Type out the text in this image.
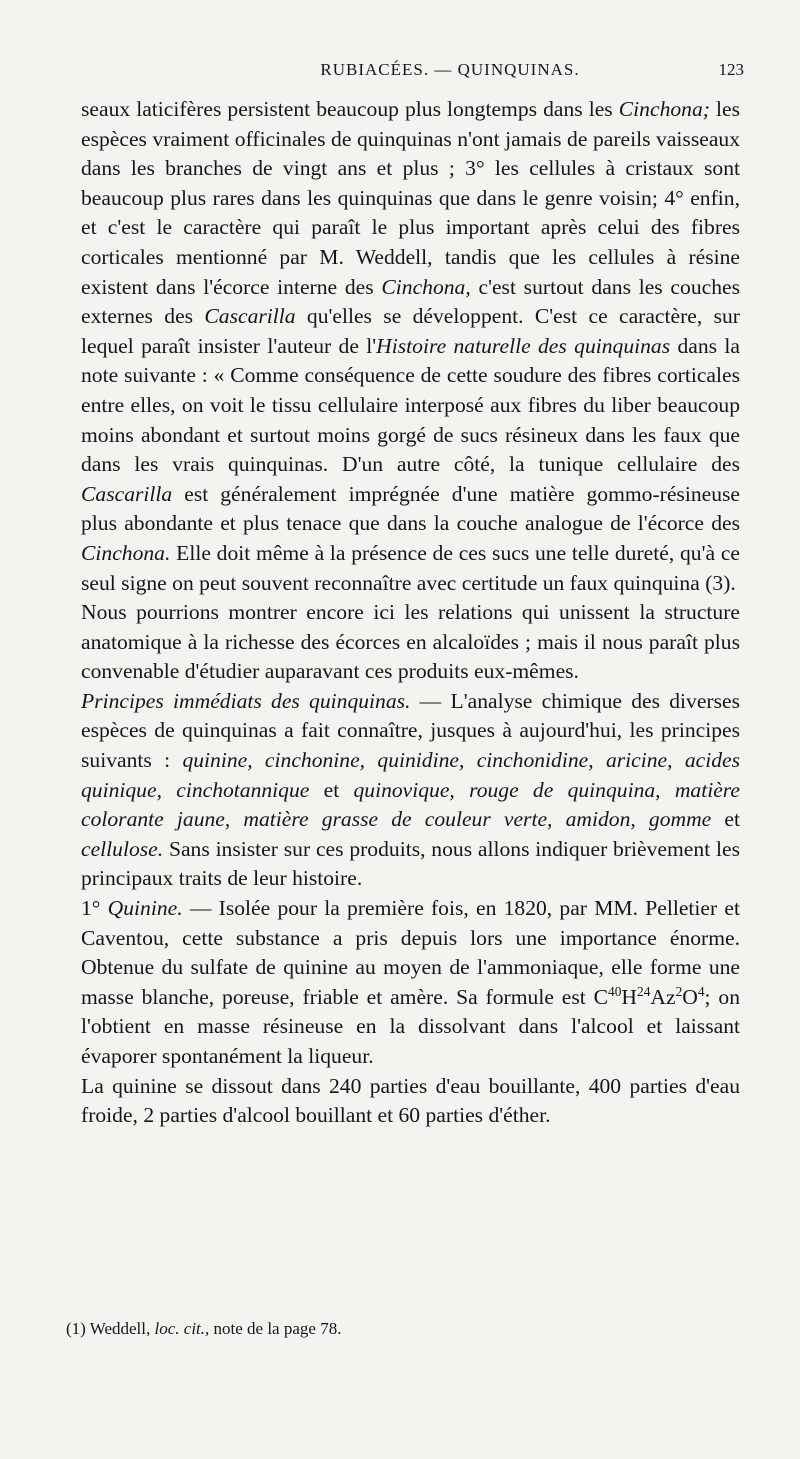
RUBIACÉES. — QUINQUINAS.	123

seaux laticifères persistent beaucoup plus longtemps dans les Cinchona; les espèces vraiment officinales de quinquinas n'ont jamais de pareils vaisseaux dans les branches de vingt ans et plus ; 3° les cellules à cristaux sont beaucoup plus rares dans les quinquinas que dans le genre voisin; 4° enfin, et c'est le caractère qui paraît le plus important après celui des fibres corticales mentionné par M. Weddell, tandis que les cellules à résine existent dans l'écorce interne des Cinchona, c'est surtout dans les couches externes des Cascarilla qu'elles se développent. C'est ce caractère, sur lequel paraît insister l'auteur de l'Histoire naturelle des quinquinas dans la note suivante : « Comme conséquence de cette soudure des fibres corticales entre elles, on voit le tissu cellulaire interposé aux fibres du liber beaucoup moins abondant et surtout moins gorgé de sucs résineux dans les faux que dans les vrais quinquinas. D'un autre côté, la tunique cellulaire des Cascarilla est généralement imprégnée d'une matière gommo-résineuse plus abondante et plus tenace que dans la couche analogue de l'écorce des Cinchona. Elle doit même à la présence de ces sucs une telle dureté, qu'à ce seul signe on peut souvent reconnaître avec certitude un faux quinquina (3).

Nous pourrions montrer encore ici les relations qui unissent la structure anatomique à la richesse des écorces en alcaloïdes ; mais il nous paraît plus convenable d'étudier auparavant ces produits eux-mêmes.

Principes immédiats des quinquinas. — L'analyse chimique des diverses espèces de quinquinas a fait connaître, jusques à aujourd'hui, les principes suivants : quinine, cinchonine, quinidine, cinchonidine, aricine, acides quinique, cinchotannique et quinovique, rouge de quinquina, matière colorante jaune, matière grasse de couleur verte, amidon, gomme et cellulose. Sans insister sur ces produits, nous allons indiquer brièvement les principaux traits de leur histoire.

1° Quinine. — Isolée pour la première fois, en 1820, par MM. Pelletier et Caventou, cette substance a pris depuis lors une importance énorme. Obtenue du sulfate de quinine au moyen de l'ammoniaque, elle forme une masse blanche, poreuse, friable et amère. Sa formule est $C^{40}H^{24}Az^2O^4$; on l'obtient en masse résineuse en la dissolvant dans l'alcool et laissant évaporer spontanément la liqueur.

La quinine se dissout dans 240 parties d'eau bouillante, 400 parties d'eau froide, 2 parties d'alcool bouillant et 60 parties d'éther.

(1) Weddell, loc. cit., note de la page 78.
